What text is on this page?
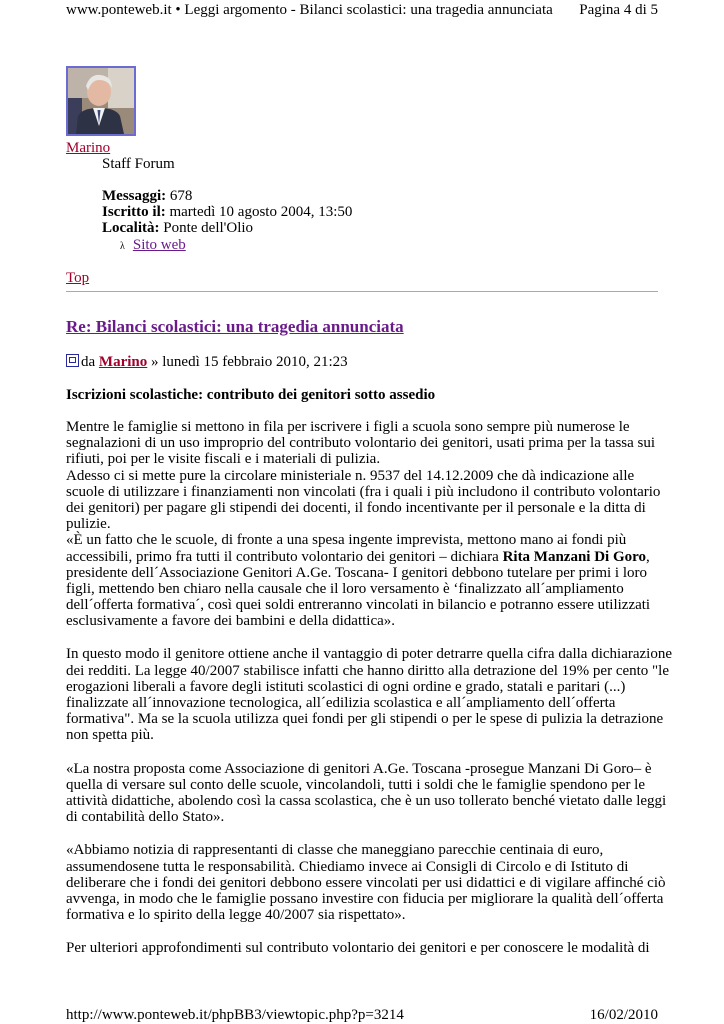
www.ponteweb.it • Leggi argomento - Bilanci scolastici: una tragedia annunciata Pagina 4 di 5
Marino
Staff Forum
Messaggi: 678
Iscritto il: martedì 10 agosto 2004, 13:50
Località: Ponte dell'Olio
λ Sito web
Top
Re: Bilanci scolastici: una tragedia annunciata
da Marino » lunedì 15 febbraio 2010, 21:23
Iscrizioni scolastiche: contributo dei genitori sotto assedio
Mentre le famiglie si mettono in fila per iscrivere i figli a scuola sono sempre più numerose le
segnalazioni di un uso improprio del contributo volontario dei genitori, usati prima per la tassa sui
rifiuti, poi per le visite fiscali e i materiali di pulizia.
Adesso ci si mette pure la circolare ministeriale n. 9537 del 14.12.2009 che dà indicazione alle
scuole di utilizzare i finanziamenti non vincolati (fra i quali i più includono il contributo volontario
dei genitori) per pagare gli stipendi dei docenti, il fondo incentivante per il personale e la ditta di
pulizie.
«È un fatto che le scuole, di fronte a una spesa ingente imprevista, mettono mano ai fondi più
accessibili, primo fra tutti il contributo volontario dei genitori – dichiara Rita Manzani Di Goro,
presidente dell´Associazione Genitori A.Ge. Toscana- I genitori debbono tutelare per primi i loro
figli, mettendo ben chiaro nella causale che il loro versamento è ‘finalizzato all´ampliamento
dell´offerta formativa´, così quei soldi entreranno vincolati in bilancio e potranno essere utilizzati
esclusivamente a favore dei bambini e della didattica».
In questo modo il genitore ottiene anche il vantaggio di poter detrarre quella cifra dalla dichiarazione
dei redditi. La legge 40/2007 stabilisce infatti che hanno diritto alla detrazione del 19% per cento "le
erogazioni liberali a favore degli istituti scolastici di ogni ordine e grado, statali e paritari (...)
finalizzate all´innovazione tecnologica, all´edilizia scolastica e all´ampliamento dell´offerta
formativa". Ma se la scuola utilizza quei fondi per gli stipendi o per le spese di pulizia la detrazione
non spetta più.
«La nostra proposta come Associazione di genitori A.Ge. Toscana -prosegue Manzani Di Goro– è
quella di versare sul conto delle scuole, vincolandoli, tutti i soldi che le famiglie spendono per le
attività didattiche, abolendo così la cassa scolastica, che è un uso tollerato benché vietato dalle leggi
di contabilità dello Stato».
«Abbiamo notizia di rappresentanti di classe che maneggiano parecchie centinaia di euro,
assumendosene tutta le responsabilità. Chiediamo invece ai Consigli di Circolo e di Istituto di
deliberare che i fondi dei genitori debbono essere vincolati per usi didattici e di vigilare affinché ciò
avvenga, in modo che le famiglie possano investire con fiducia per migliorare la qualità dell´offerta
formativa e lo spirito della legge 40/2007 sia rispettato».
Per ulteriori approfondimenti sul contributo volontario dei genitori e per conoscere le modalità di
http://www.ponteweb.it/phpBB3/viewtopic.php?p=3214	16/02/2010
